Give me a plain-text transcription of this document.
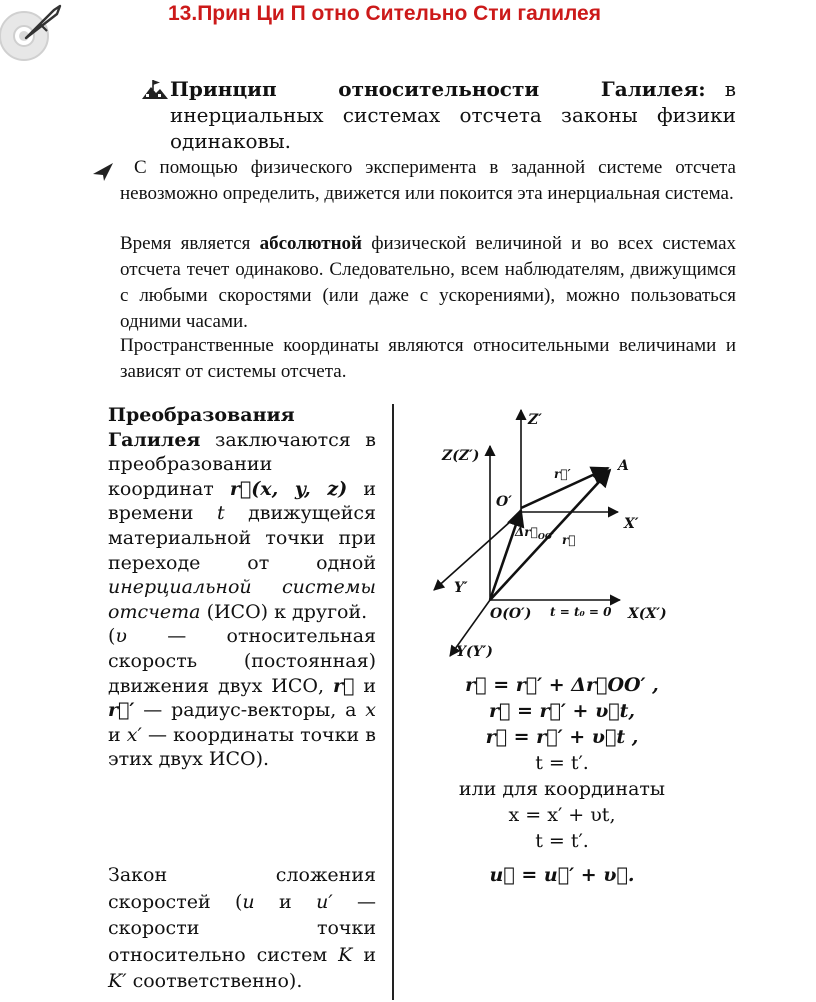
13.Прин Ци П отно Сительно Сти галилея
Принцип относительности Галилея: в инерциальных системах отсчета законы физики одинаковы.
С помощью физического эксперимента в заданной системе отсчета невозможно определить, движется или покоится эта инерциальная система.
Время является абсолютной физической величиной и во всех системах отсчета течет одинаково. Следовательно, всем наблюдателям, движущимся с любыми скоростями (или даже с ускорениями), можно пользоваться одними часами.
Пространственные координаты являются относительными величинами и зависят от системы отсчета.
Преобразования Галилея заключаются в преобразовании координат r⃗(x, y, z) и времени t движущейся материальной точки при переходе от одной инерциальной системы отсчета (ИСО) к другой.
(υ — относительная скорость (постоянная) движения двух ИСО, r⃗ и r⃗′ — радиус-векторы, а x и x′ — координаты точки в этих двух ИСО).
Закон сложения скоростей (u и u′ — скорости точки относительно систем K и K′ соответственно).
Z′
Z(Z′)
O′
r⃗′	A
X′
$\Delta r⃗_{OO'}$ r⃗
Y′
O(O′) t = t₀ = 0 X(X′)
Y(Y′)
r⃗ = r⃗′ + Δr⃗OO′ ,
r⃗ = r⃗′ + υ⃗t,
r⃗ = r⃗′ + υ⃗t ,
t = t′.
или для координаты
x = x′ + υt,
t = t′.
u⃗ = u⃗′ + υ⃗.
